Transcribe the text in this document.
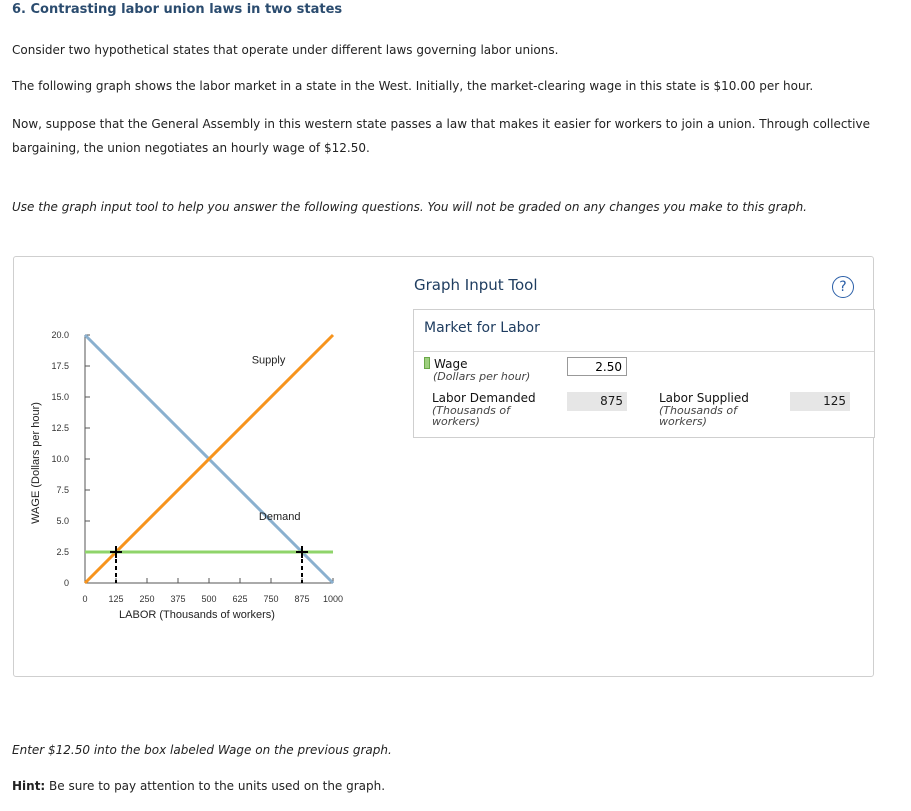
6. Contrasting labor union laws in two states
Consider two hypothetical states that operate under different laws governing labor unions.
The following graph shows the labor market in a state in the West. Initially, the market-clearing wage in this state is $10.00 per hour.
Now, suppose that the General Assembly in this western state passes a law that makes it easier for workers to join a union. Through collective bargaining, the union negotiates an hourly wage of $12.50.
Use the graph input tool to help you answer the following questions. You will not be graded on any changes you make to this graph.
0
2.5
5.0
7.5
10.0
12.5
15.0
17.5
20.0
0 125 250 375 500 625 750 875 1000
LABOR (Thousands of workers)
WAGE (Dollars per hour)
Supply
Demand
Graph Input Tool	?
Market for Labor
Wage
(Dollars per hour)
2.50
Labor Demanded
(Thousands of
workers)
875	Labor Supplied
(Thousands of
workers)
125
Enter $12.50 into the box labeled Wage on the previous graph.
Hint: Be sure to pay attention to the units used on the graph.
